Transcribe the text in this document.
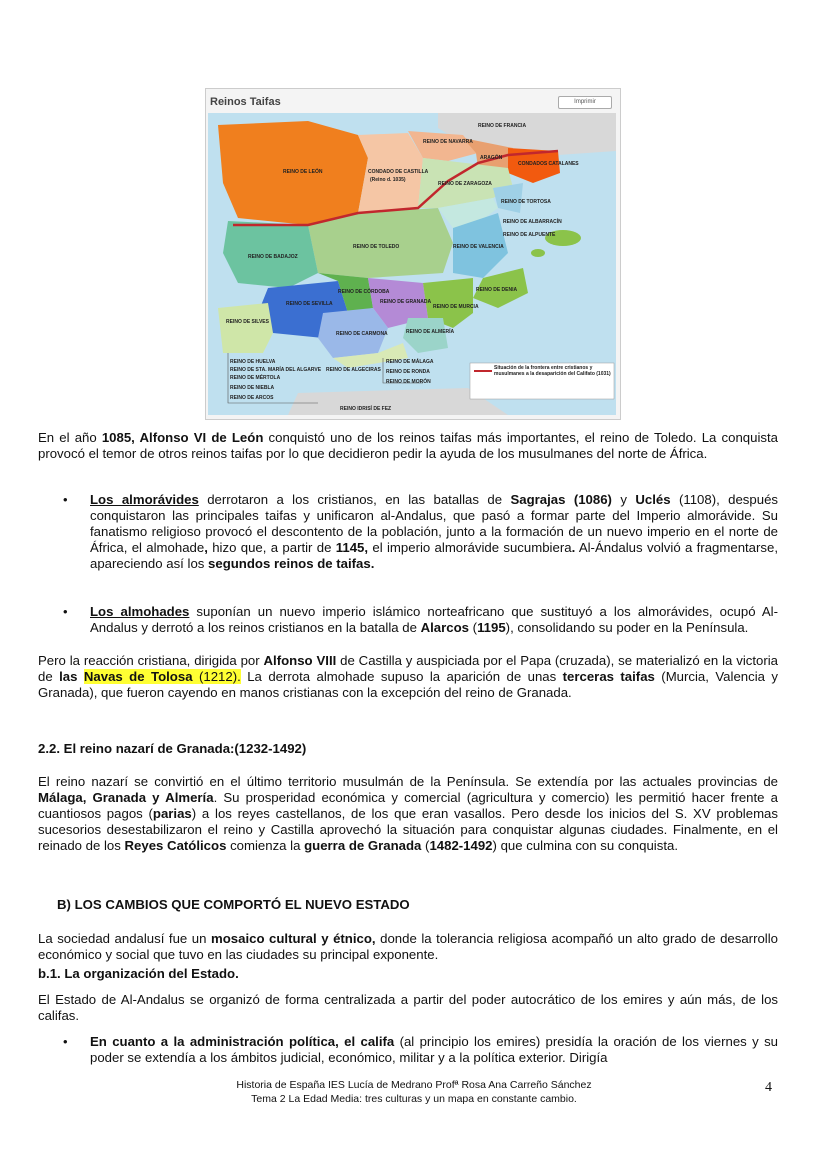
Reinos Taifas	Imprimir
REINO DE FRANCIA
REINO DE NAVARRA
ARAGÓN
CONDADOS CATALANES
REINO DE LEÓN	CONDADO DE CASTILLA
(Reino d. 1035)
REINO DE ZARAGOZA
REINO DE TORTOSA
REINO DE ALBARRACÍN
REINO DE ALPUENTE
REINO DE BADAJOZ
REINO DE TOLEDO	REINO DE VALENCIA
REINO DE DENIA
REINO DE CÓRDOBA
REINO DE SEVILLA	REINO DE GRANADA
REINO DE MURCIA
REINO DE SILVES
REINO DE CARMONA	REINO DE ALMERÍA
REINO DE HUELVA
REINO DE STA. MARÍA DEL ALGARVE
REINO DE MÉRTOLA
REINO DE NIEBLA
REINO DE ARCOS
REINO DE ALGECIRAS
REINO DE MÁLAGA
REINO DE RONDA
REINO DE MORÓN
REINO IDRISÍ DE FEZ
Situación de la frontera entre cristianos y musulmanes a la desaparición del Califato (1031)
En el año 1085, Alfonso VI de León conquistó uno de los reinos taifas más importantes, el reino de Toledo. La conquista provocó el temor de otros reinos taifas por lo que decidieron pedir la ayuda de los musulmanes del norte de África.
• Los almorávides derrotaron a los cristianos, en las batallas de Sagrajas (1086) y Uclés (1108), después conquistaron las principales taifas y unificaron al-Andalus, que pasó a formar parte del Imperio almorávide. Su fanatismo religioso provocó el descontento de la población, junto a la formación de un nuevo imperio en el norte de África, el almohade, hizo que, a partir de 1145, el imperio almorávide sucumbiera. Al-Ándalus volvió a fragmentarse, apareciendo así los segundos reinos de taifas.
• Los almohades suponían un nuevo imperio islámico norteafricano que sustituyó a los almorávides, ocupó Al-Andalus y derrotó a los reinos cristianos en la batalla de Alarcos (1195), consolidando su poder en la Península.
Pero la reacción cristiana, dirigida por Alfonso VIII de Castilla y auspiciada por el Papa (cruzada), se materializó en la victoria de las Navas de Tolosa (1212). La derrota almohade supuso la aparición de unas terceras taifas (Murcia, Valencia y Granada), que fueron cayendo en manos cristianas con la excepción del reino de Granada.
2.2. El reino nazarí de Granada:(1232-1492)
El reino nazarí se convirtió en el último territorio musulmán de la Península. Se extendía por las actuales provincias de Málaga, Granada y Almería. Su prosperidad económica y comercial (agricultura y comercio) les permitió hacer frente a cuantiosos pagos (parias) a los reyes castellanos, de los que eran vasallos. Pero desde los inicios del S. XV problemas sucesorios desestabilizaron el reino y Castilla aprovechó la situación para conquistar algunas ciudades. Finalmente, en el reinado de los Reyes Católicos comienza la guerra de Granada (1482-1492) que culmina con su conquista.
B) LOS CAMBIOS QUE COMPORTÓ EL NUEVO ESTADO
La sociedad andalusí fue un mosaico cultural y étnico, donde la tolerancia religiosa acompañó un alto grado de desarrollo económico y social que tuvo en las ciudades su principal exponente.
b.1. La organización del Estado.
El Estado de Al-Andalus se organizó de forma centralizada a partir del poder autocrático de los emires y aún más, de los califas.
• En cuanto a la administración política, el califa (al principio los emires) presidía la oración de los viernes y su poder se extendía a los ámbitos judicial, económico, militar y a la política exterior. Dirigía
Historia de España IES Lucía de Medrano Profª Rosa Ana Carreño Sánchez
Tema 2 La Edad Media: tres culturas y un mapa en constante cambio.
4
